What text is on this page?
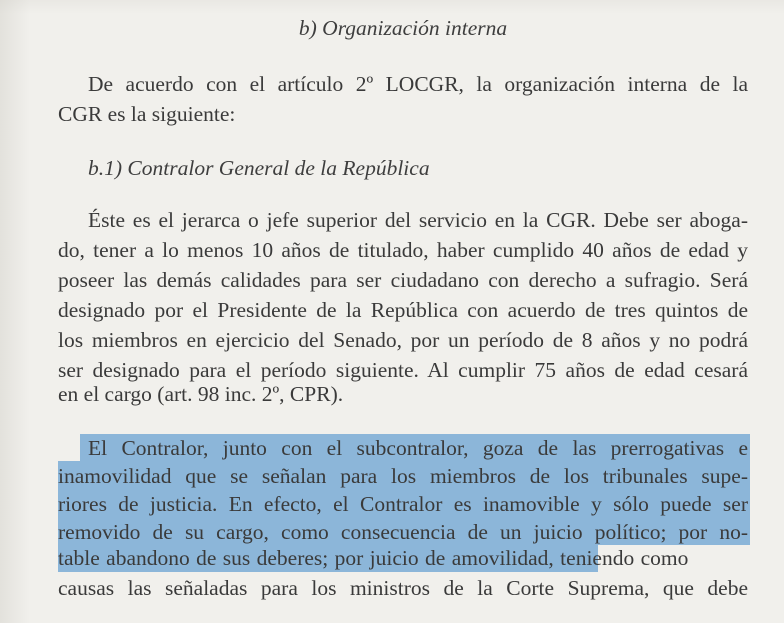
b) Organización interna
De acuerdo con el artículo 2º LOCGR, la organización interna de la
CGR es la siguiente:
b.1) Contralor General de la República
Éste es el jerarca o jefe superior del servicio en la CGR. Debe ser aboga-
do, tener a lo menos 10 años de titulado, haber cumplido 40 años de edad y
poseer las demás calidades para ser ciudadano con derecho a sufragio. Será
designado por el Presidente de la República con acuerdo de tres quintos de
los miembros en ejercicio del Senado, por un período de 8 años y no podrá
ser designado para el período siguiente. Al cumplir 75 años de edad cesará
en el cargo (art. 98 inc. 2º, CPR).
El Contralor, junto con el subcontralor, goza de las prerrogativas e
inamovilidad que se señalan para los miembros de los tribunales supe-
riores de justicia. En efecto, el Contralor es inamovible y sólo puede ser
removido de su cargo, como consecuencia de un juicio político; por no-
table abandono de sus deberes; por juicio de amovilidad, teniendo como
causas las señaladas para los ministros de la Corte Suprema, que debe
